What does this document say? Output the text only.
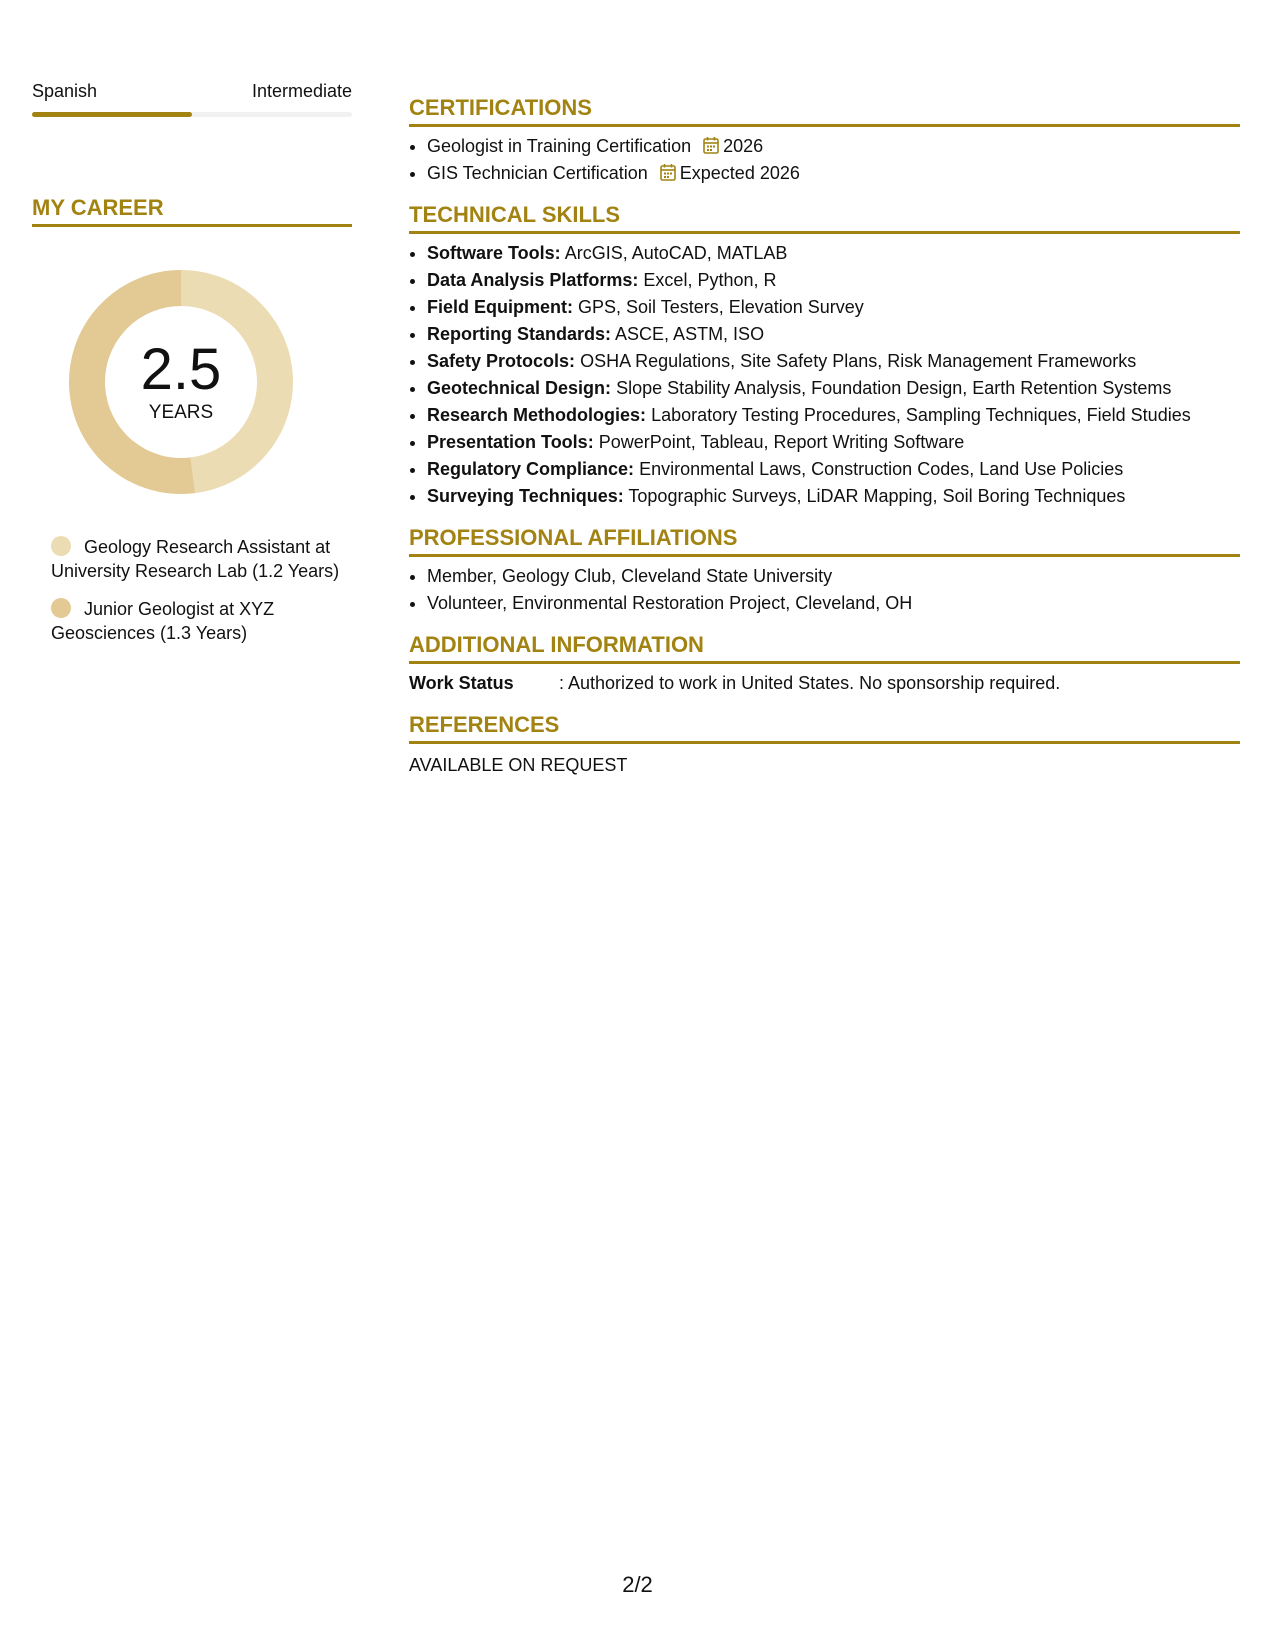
Spanish	Intermediate
MY CAREER
2.5
YEARS
Geology Research Assistant at University Research Lab (1.2 Years)
Junior Geologist at XYZ Geosciences (1.3 Years)
CERTIFICATIONS
• Geologist in Training Certification 2026
• GIS Technician Certification Expected 2026
TECHNICAL SKILLS
• Software Tools: ArcGIS, AutoCAD, MATLAB
• Data Analysis Platforms: Excel, Python, R
• Field Equipment: GPS, Soil Testers, Elevation Survey
• Reporting Standards: ASCE, ASTM, ISO
• Safety Protocols: OSHA Regulations, Site Safety Plans, Risk Management Frameworks
• Geotechnical Design: Slope Stability Analysis, Foundation Design, Earth Retention Systems
• Research Methodologies: Laboratory Testing Procedures, Sampling Techniques, Field Studies
• Presentation Tools: PowerPoint, Tableau, Report Writing Software
• Regulatory Compliance: Environmental Laws, Construction Codes, Land Use Policies
• Surveying Techniques: Topographic Surveys, LiDAR Mapping, Soil Boring Techniques
PROFESSIONAL AFFILIATIONS
• Member, Geology Club, Cleveland State University
• Volunteer, Environmental Restoration Project, Cleveland, OH
ADDITIONAL INFORMATION
Work Status	: Authorized to work in United States. No sponsorship required.
REFERENCES
AVAILABLE ON REQUEST
2/2
